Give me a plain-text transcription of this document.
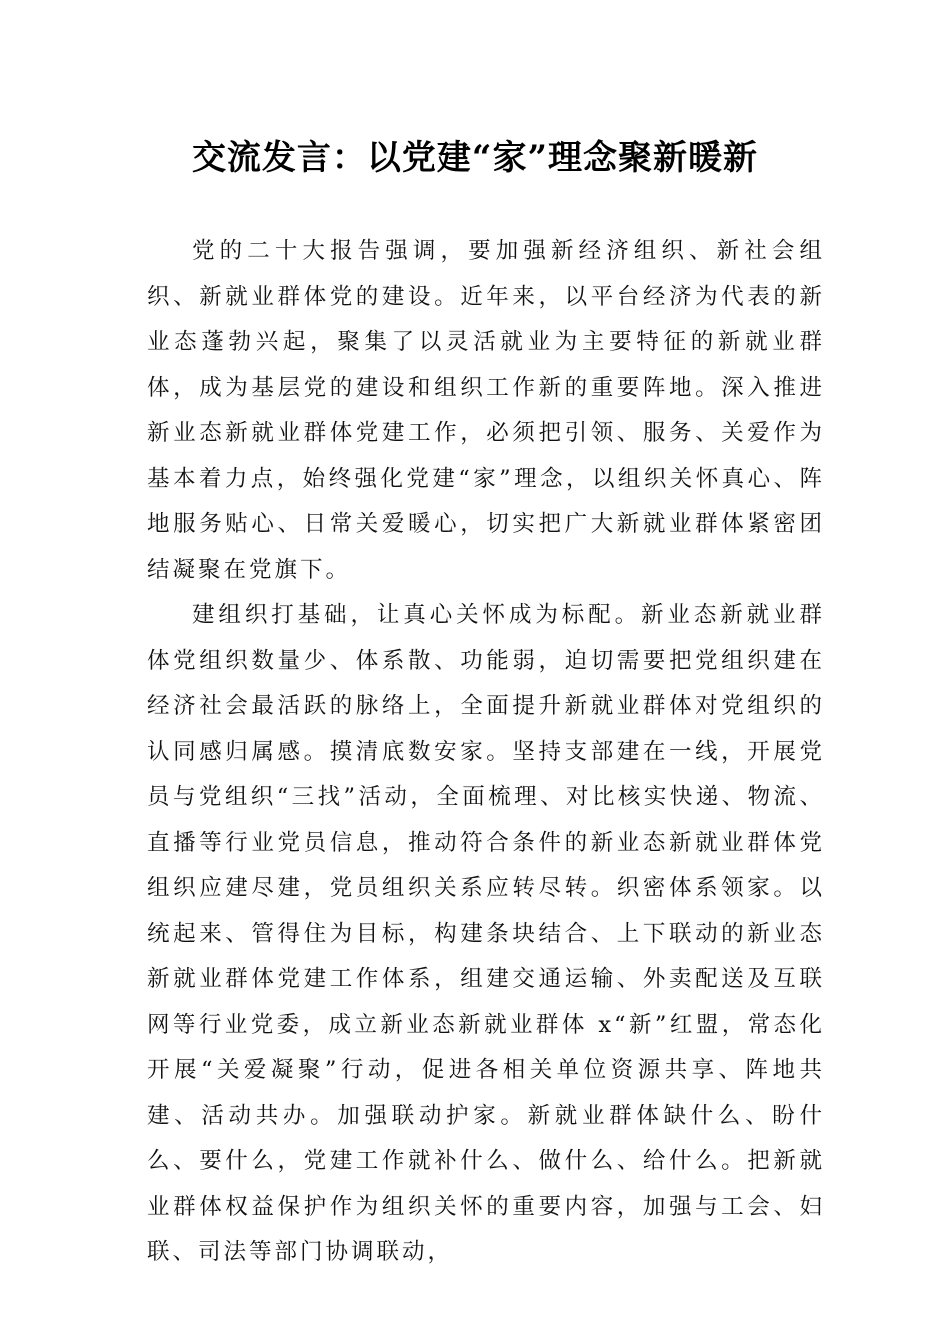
交流发言：以党建“家”理念聚新暖新

党的二十大报告强调，要加强新经济组织、新社会组织、新就业群体党的建设。近年来，以平台经济为代表的新业态蓬勃兴起，聚集了以灵活就业为主要特征的新就业群体，成为基层党的建设和组织工作新的重要阵地。深入推进新业态新就业群体党建工作，必须把引领、服务、关爱作为基本着力点，始终强化党建“家”理念，以组织关怀真心、阵地服务贴心、日常关爱暖心，切实把广大新就业群体紧密团结凝聚在党旗下。

建组织打基础，让真心关怀成为标配。新业态新就业群体党组织数量少、体系散、功能弱，迫切需要把党组织建在经济社会最活跃的脉络上，全面提升新就业群体对党组织的认同感归属感。摸清底数安家。坚持支部建在一线，开展党员与党组织“三找”活动，全面梳理、对比核实快递、物流、直播等行业党员信息，推动符合条件的新业态新就业群体党组织应建尽建，党员组织关系应转尽转。织密体系领家。以统起来、管得住为目标，构建条块结合、上下联动的新业态新就业群体党建工作体系，组建交通运输、外卖配送及互联网等行业党委，成立新业态新就业群体 x“新”红盟，常态化开展“关爱凝聚”行动，促进各相关单位资源共享、阵地共建、活动共办。加强联动护家。新就业群体缺什么、盼什么、要什么，党建工作就补什么、做什么、给什么。把新就业群体权益保护作为组织关怀的重要内容，加强与工会、妇联、司法等部门协调联动，
